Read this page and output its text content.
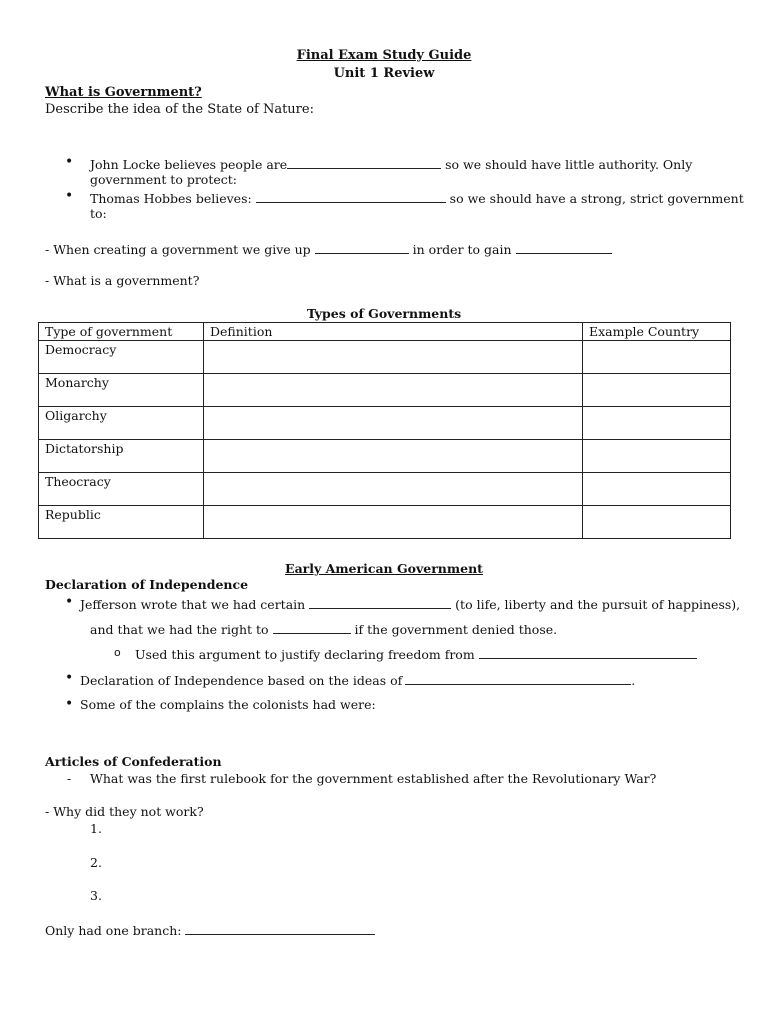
Final Exam Study Guide
Unit 1 Review
What is Government?
Describe the idea of the State of Nature:
• John Locke believes people are	so we should have little authority. Only
government to protect:
• Thomas Hobbes believes:	so we should have a strong, strict government
to:
- When creating a government we give up	in order to gain
- What is a government?
Types of Governments
Type of government	Definition	Example Country
Democracy		
Monarchy		
Oligarchy		
Dictatorship		
Theocracy		
Republic		
Early American Government
Declaration of Independence
• Jefferson wrote that we had certain	(to life, liberty and the pursuit of happiness),
and that we had the right to	if the government denied those.
o Used this argument to justify declaring freedom from
• Declaration of Independence based on the ideas of	.
• Some of the complains the colonists had were:
Articles of Confederation
- What was the first rulebook for the government established after the Revolutionary War?
- Why did they not work?
1.
2.
3.
Only had one branch:
